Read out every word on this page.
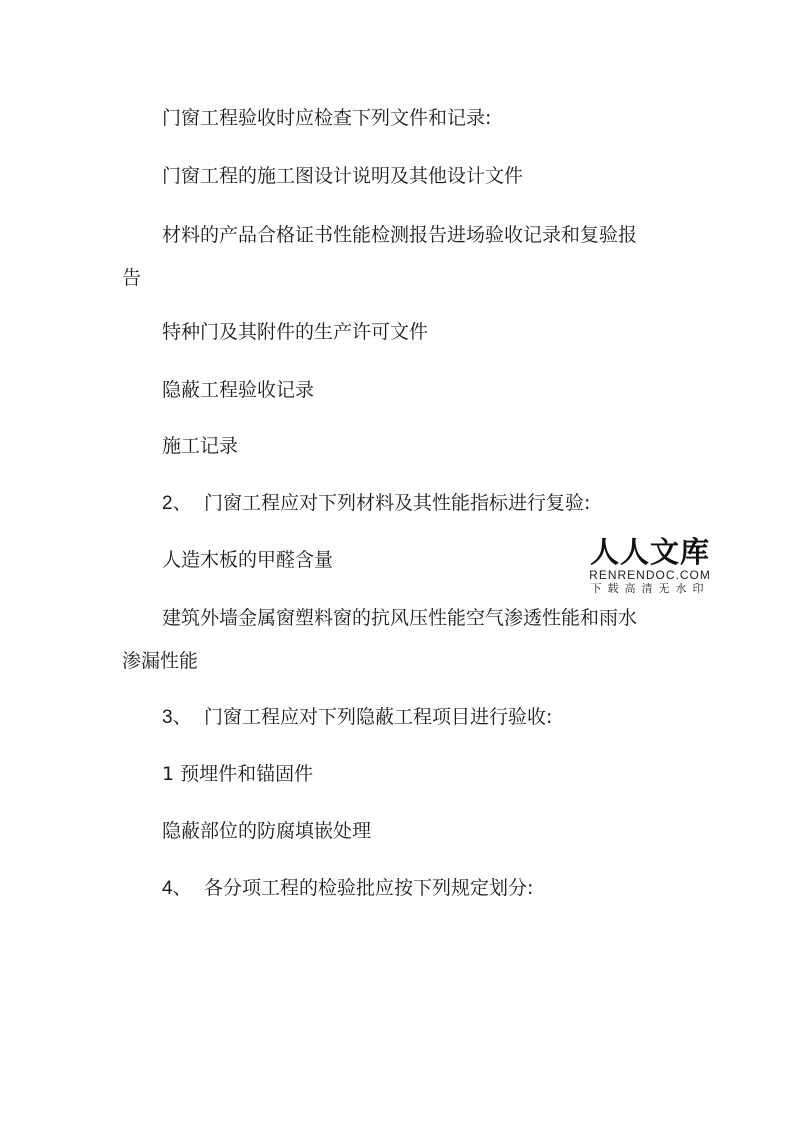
门窗工程验收时应检查下列文件和记录:

门窗工程的施工图设计说明及其他设计文件

材料的产品合格证书性能检测报告进场验收记录和复验报

告

特种门及其附件的生产许可文件

隐蔽工程验收记录

施工记录

2、 门窗工程应对下列材料及其性能指标进行复验:

人造木板的甲醛含量

建筑外墙金属窗塑料窗的抗风压性能空气渗透性能和雨水

渗漏性能

3、 门窗工程应对下列隐蔽工程项目进行验收:

1 预埋件和锚固件

隐蔽部位的防腐填嵌处理

4、 各分项工程的检验批应按下列规定划分:

人人文库
RENRENDOC.COM
下载高清无水印
